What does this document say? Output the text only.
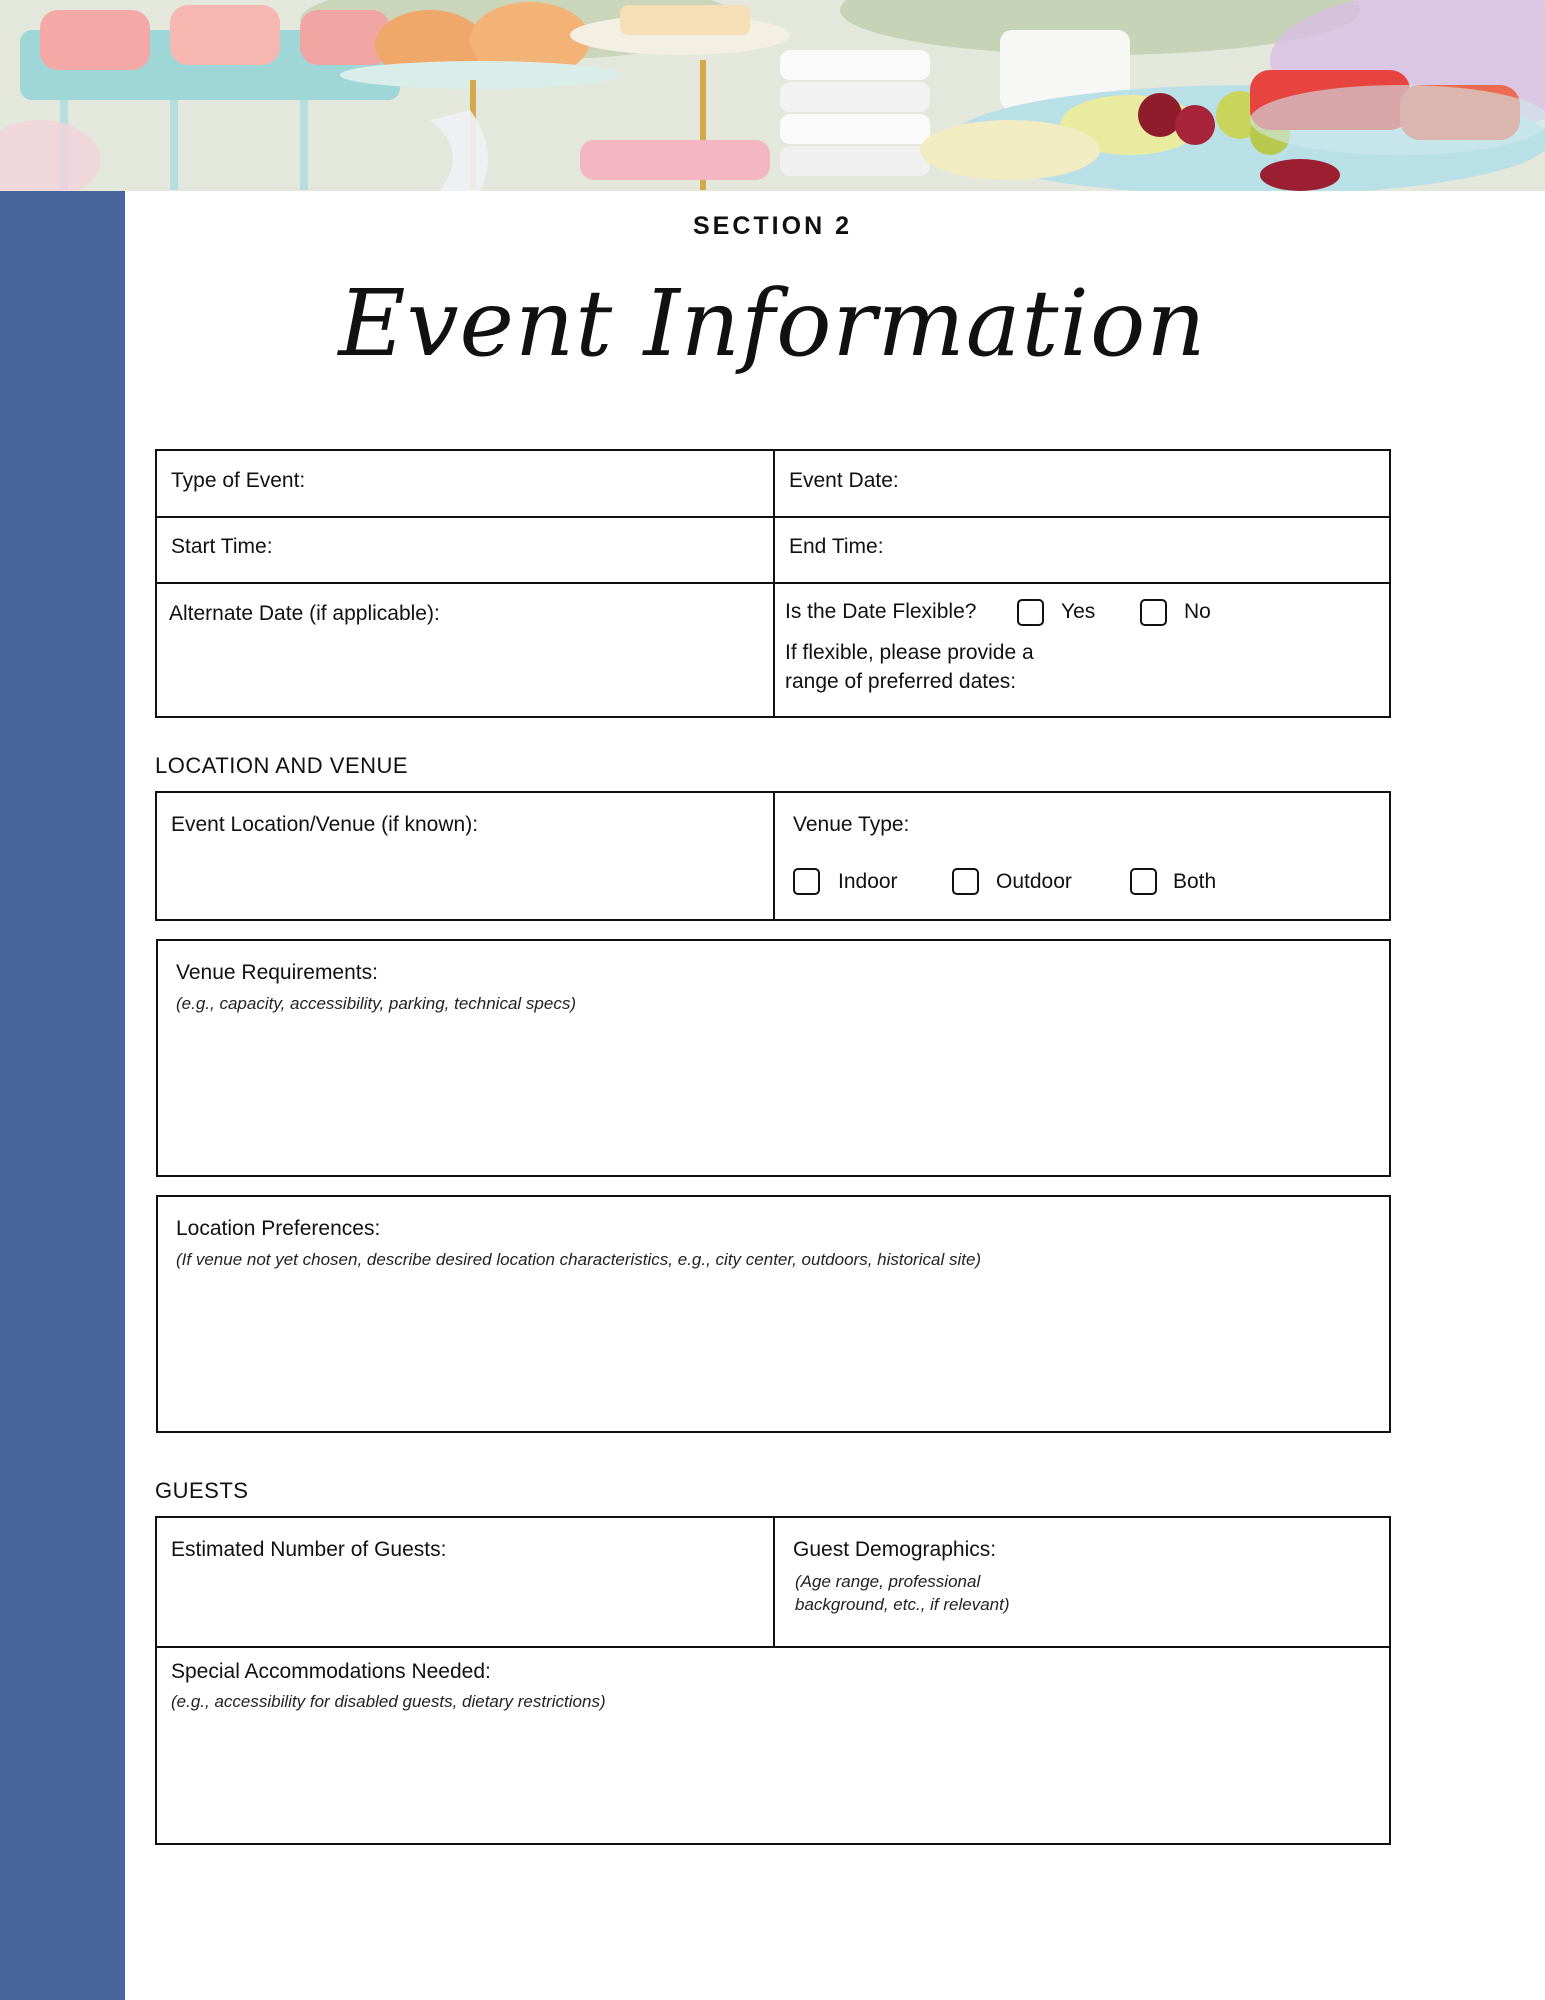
SECTION 2
Event Information
Type of Event:	Event Date:
Start Time:	End Time:
Alternate Date (if applicable):	Is the Date Flexible?	Yes	No
If flexible, please provide a
range of preferred dates:
LOCATION AND VENUE
Event Location/Venue (if known):	Venue Type:
Indoor	Outdoor	Both
Venue Requirements:
(e.g., capacity, accessibility, parking, technical specs)
Location Preferences:
(If venue not yet chosen, describe desired location characteristics, e.g., city center, outdoors, historical site)
GUESTS
Estimated Number of Guests:	Guest Demographics:
(Age range, professional
background, etc., if relevant)
Special Accommodations Needed:
(e.g., accessibility for disabled guests, dietary restrictions)
